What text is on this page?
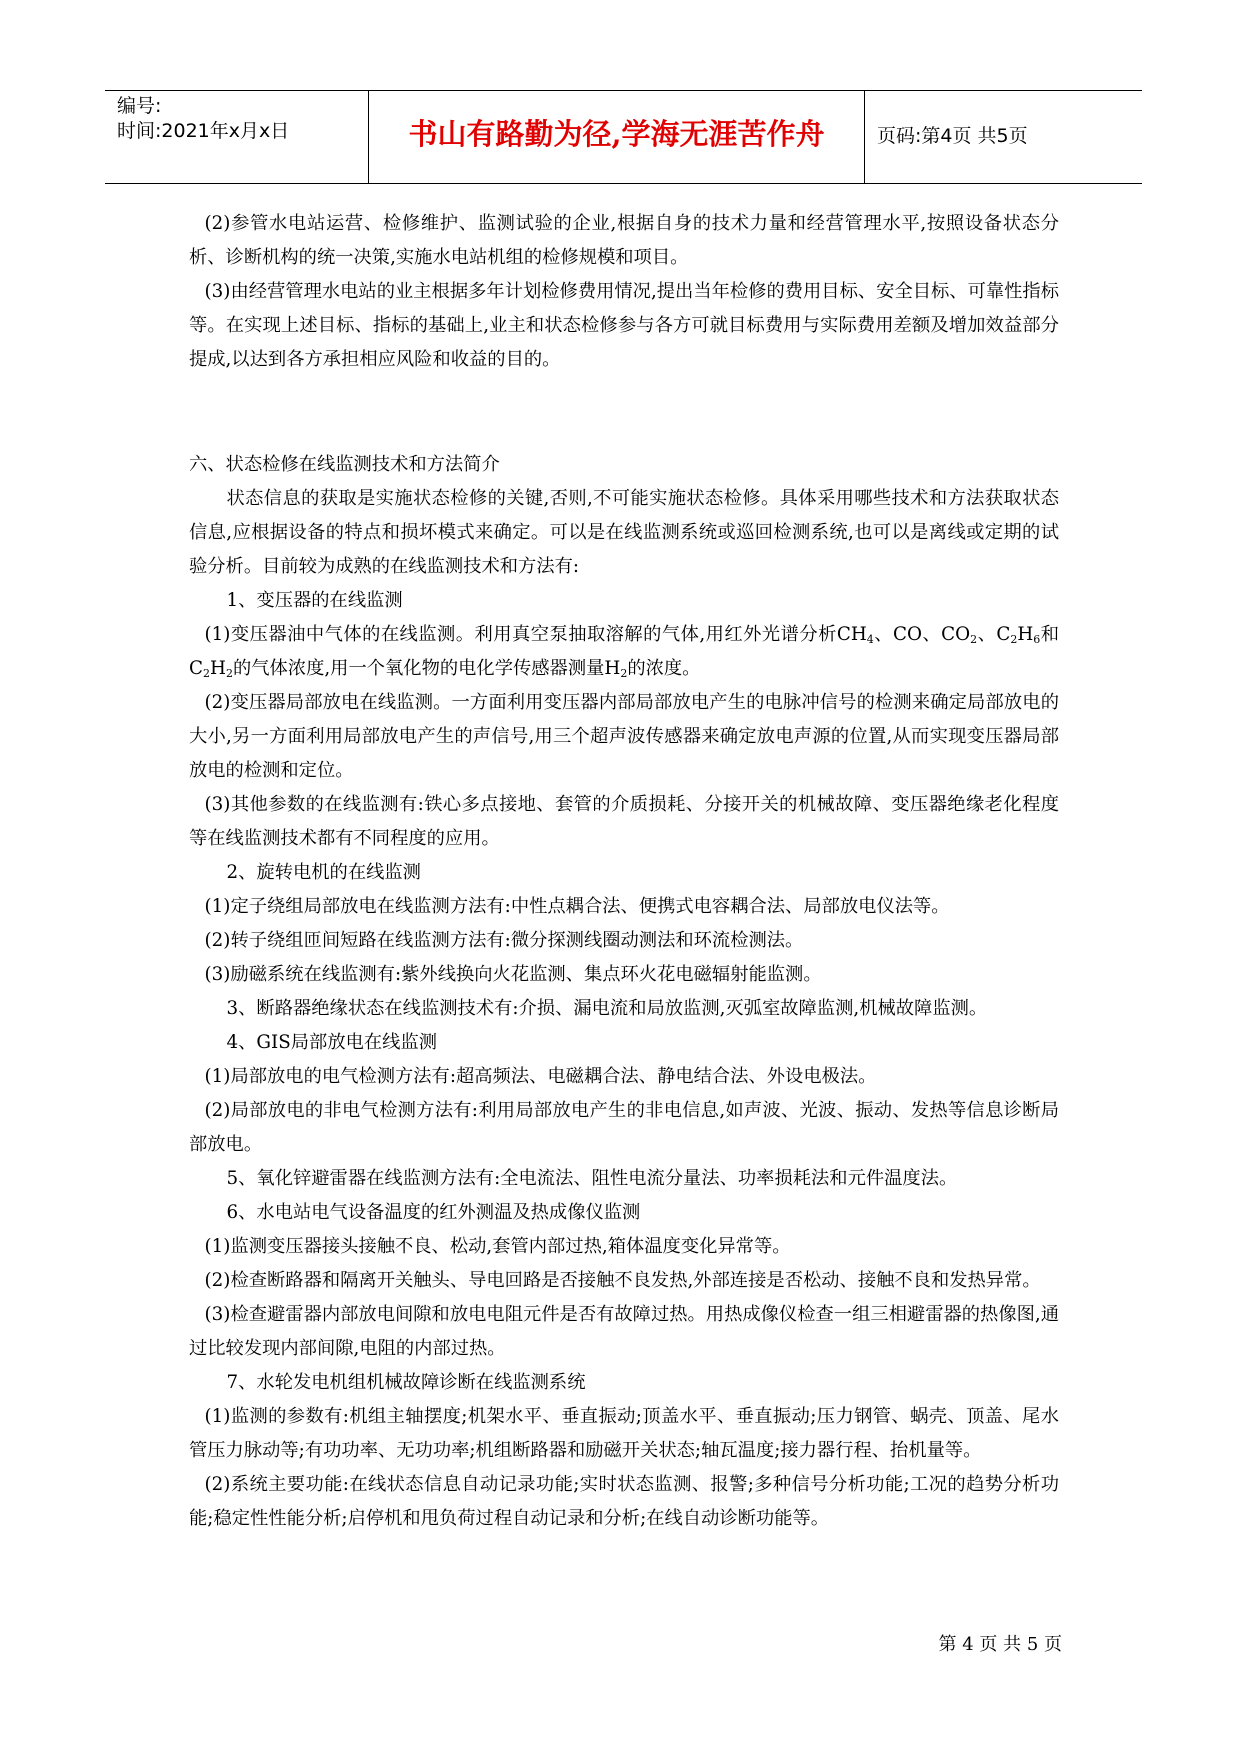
编号:
时间:2021年x月x日	书山有路勤为径,学海无涯苦作舟	页码:第4页 共5页

(2)参管水电站运营、检修维护、监测试验的企业,根据自身的技术力量和经营管理水平,按照设备状态分析、诊断机构的统一决策,实施水电站机组的检修规模和项目。

(3)由经营管理水电站的业主根据多年计划检修费用情况,提出当年检修的费用目标、安全目标、可靠性指标等。在实现上述目标、指标的基础上,业主和状态检修参与各方可就目标费用与实际费用差额及增加效益部分提成,以达到各方承担相应风险和收益的目的。

六、状态检修在线监测技术和方法简介

状态信息的获取是实施状态检修的关键,否则,不可能实施状态检修。具体采用哪些技术和方法获取状态信息,应根据设备的特点和损坏模式来确定。可以是在线监测系统或巡回检测系统,也可以是离线或定期的试验分析。目前较为成熟的在线监测技术和方法有:

1、变压器的在线监测

(1)变压器油中气体的在线监测。利用真空泵抽取溶解的气体,用红外光谱分析$CH_4$、CO、$CO_2$、$C_2H_6$和$C_2H_2$的气体浓度,用一个氧化物的电化学传感器测量$H_2$的浓度。

(2)变压器局部放电在线监测。一方面利用变压器内部局部放电产生的电脉冲信号的检测来确定局部放电的大小,另一方面利用局部放电产生的声信号,用三个超声波传感器来确定放电声源的位置,从而实现变压器局部放电的检测和定位。

(3)其他参数的在线监测有:铁心多点接地、套管的介质损耗、分接开关的机械故障、变压器绝缘老化程度等在线监测技术都有不同程度的应用。

2、旋转电机的在线监测

(1)定子绕组局部放电在线监测方法有:中性点耦合法、便携式电容耦合法、局部放电仪法等。

(2)转子绕组匝间短路在线监测方法有:微分探测线圈动测法和环流检测法。

(3)励磁系统在线监测有:紫外线换向火花监测、集点环火花电磁辐射能监测。

3、断路器绝缘状态在线监测技术有:介损、漏电流和局放监测,灭弧室故障监测,机械故障监测。

4、GIS局部放电在线监测

(1)局部放电的电气检测方法有:超高频法、电磁耦合法、静电结合法、外设电极法。

(2)局部放电的非电气检测方法有:利用局部放电产生的非电信息,如声波、光波、振动、发热等信息诊断局部放电。

5、氧化锌避雷器在线监测方法有:全电流法、阻性电流分量法、功率损耗法和元件温度法。

6、水电站电气设备温度的红外测温及热成像仪监测

(1)监测变压器接头接触不良、松动,套管内部过热,箱体温度变化异常等。

(2)检查断路器和隔离开关触头、导电回路是否接触不良发热,外部连接是否松动、接触不良和发热异常。

(3)检查避雷器内部放电间隙和放电电阻元件是否有故障过热。用热成像仪检查一组三相避雷器的热像图,通过比较发现内部间隙,电阻的内部过热。

7、水轮发电机组机械故障诊断在线监测系统

(1)监测的参数有:机组主轴摆度;机架水平、垂直振动;顶盖水平、垂直振动;压力钢管、蜗壳、顶盖、尾水管压力脉动等;有功功率、无功功率;机组断路器和励磁开关状态;轴瓦温度;接力器行程、抬机量等。

(2)系统主要功能:在线状态信息自动记录功能;实时状态监测、报警;多种信号分析功能;工况的趋势分析功能;稳定性性能分析;启停机和甩负荷过程自动记录和分析;在线自动诊断功能等。

第 4 页 共 5 页
